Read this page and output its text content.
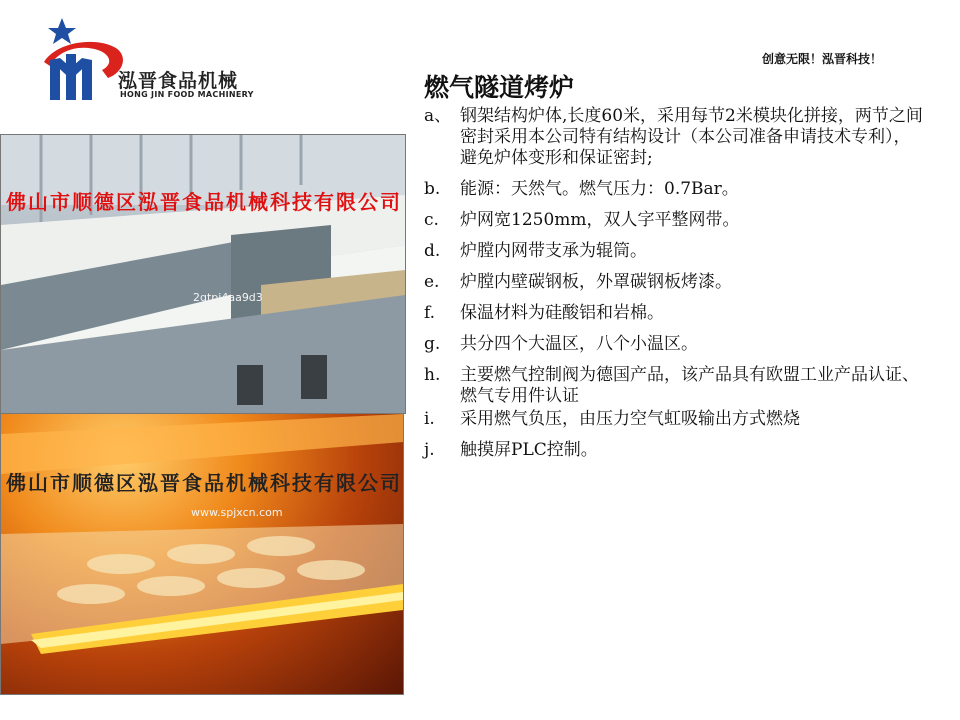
泓晋食品机械
HONG JIN FOOD MACHINERY
创意无限！泓晋科技！
2gtpi4aa9d3
www.spjxcn.com
佛山市顺德区泓晋食品机械科技有限公司
佛山市顺德区泓晋食品机械科技有限公司
燃气隧道烤炉
a、 钢架结构炉体,长度60米，采用每节2米模块化拼接，两节之间密封采用本公司特有结构设计（本公司准备申请技术专利），避免炉体变形和保证密封;
b.	能源：天然气。燃气压力：0.7Bar。
c.	炉网宽1250mm，双人字平整网带。
d.	炉膛内网带支承为辊筒。
e.	炉膛内壁碳钢板，外罩碳钢板烤漆。
f.	保温材料为硅酸铝和岩棉。
g.	共分四个大温区，八个小温区。
h.	主要燃气控制阀为德国产品，该产品具有欧盟工业产品认证、燃气专用件认证
i.	采用燃气负压，由压力空气虹吸输出方式燃烧
j.	触摸屏PLC控制。
